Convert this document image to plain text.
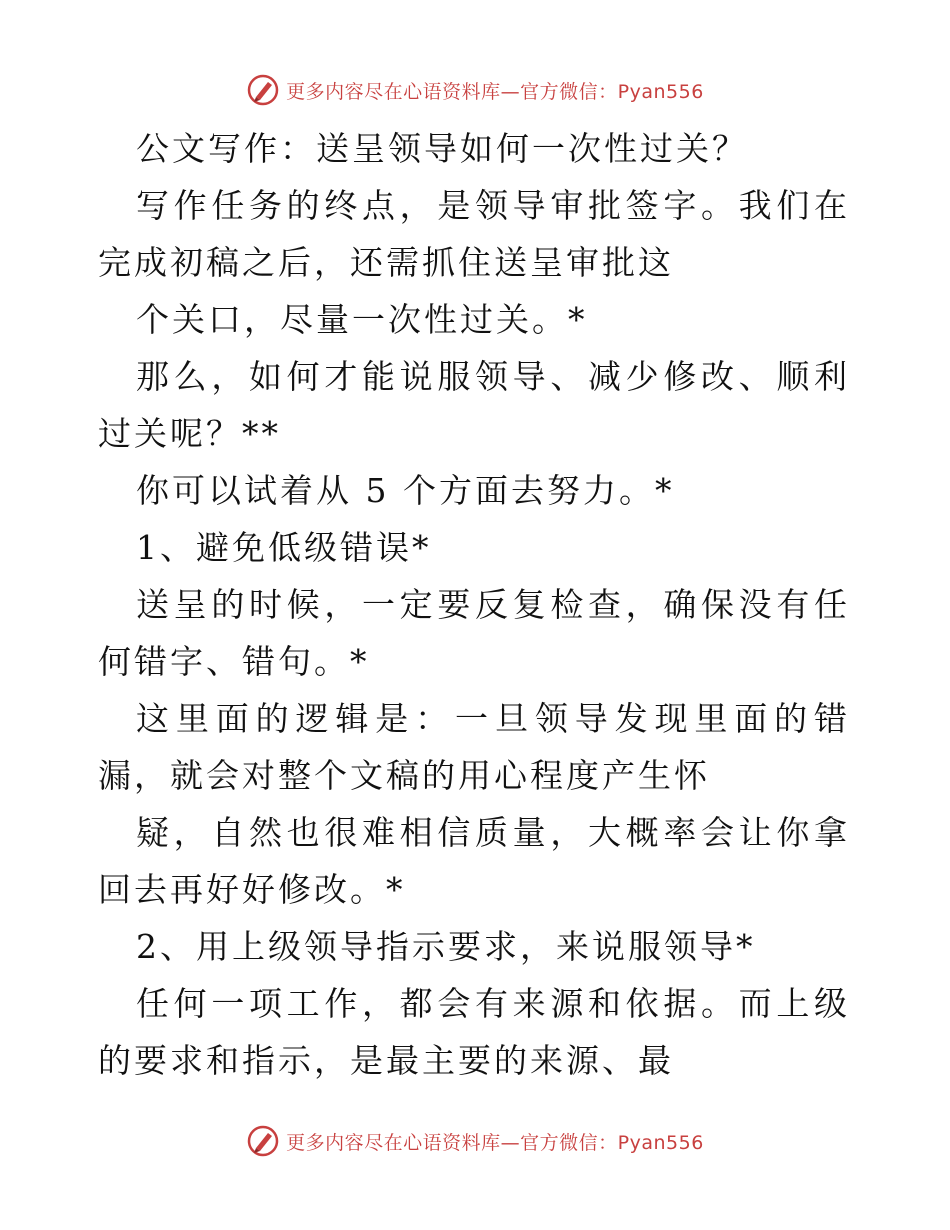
更多内容尽在心语资料库—官方微信：Pyan556

公文写作：送呈领导如何一次性过关？

写作任务的终点，是领导审批签字。我们在完成初稿之后，还需抓住送呈审批这

个关口，尽量一次性过关。*

那么，如何才能说服领导、减少修改、顺利过关呢？**

你可以试着从 5 个方面去努力。*

1、避免低级错误*

送呈的时候，一定要反复检查，确保没有任何错字、错句。*

这里面的逻辑是：一旦领导发现里面的错漏，就会对整个文稿的用心程度产生怀

疑，自然也很难相信质量，大概率会让你拿回去再好好修改。*

2、用上级领导指示要求，来说服领导*

任何一项工作，都会有来源和依据。而上级的要求和指示，是最主要的来源、最

更多内容尽在心语资料库—官方微信：Pyan556
